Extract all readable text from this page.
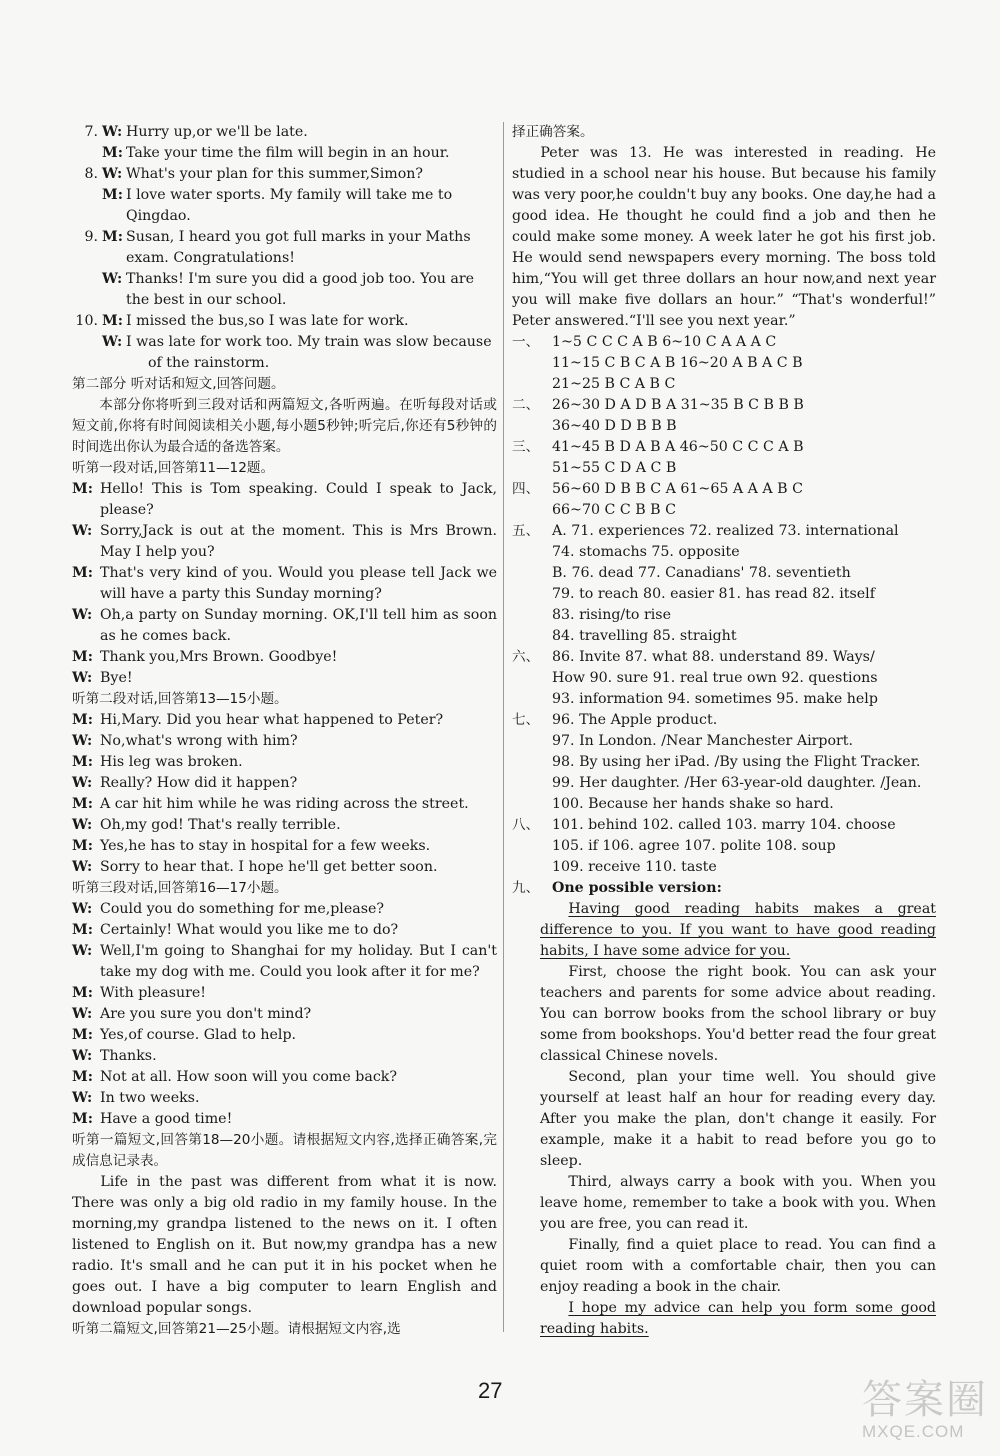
7. W: Hurry up,or we'll be late.
M: Take your time the film will begin in an hour.
8. W: What's your plan for this summer,Simon?
M: I love water sports. My family will take me to
Qingdao.
9. M: Susan, I heard you got full marks in your Maths
exam. Congratulations!
W: Thanks! I'm sure you did a good job too. You are
the best in our school.
10. M: I missed the bus,so I was late for work.
W: I was late for work too. My train was slow because
of the rainstorm.
第二部分 听对话和短文,回答问题。
本部分你将听到三段对话和两篇短文,各听两遍。在听每段对话或短文前,你将有时间阅读相关小题,每小题5秒钟;听完后,你还有5秒钟的时间选出你认为最合适的备选答案。
听第一段对话,回答第11—12题。
M: Hello! This is Tom speaking. Could I speak to Jack, please?
W: Sorry,Jack is out at the moment. This is Mrs Brown. May I help you?
M: That's very kind of you. Would you please tell Jack we will have a party this Sunday morning?
W: Oh,a party on Sunday morning. OK,I'll tell him as soon as he comes back.
M: Thank you,Mrs Brown. Goodbye!
W: Bye!
听第二段对话,回答第13—15小题。
M: Hi,Mary. Did you hear what happened to Peter?
W: No,what's wrong with him?
M: His leg was broken.
W: Really? How did it happen?
M: A car hit him while he was riding across the street.
W: Oh,my god! That's really terrible.
M: Yes,he has to stay in hospital for a few weeks.
W: Sorry to hear that. I hope he'll get better soon.
听第三段对话,回答第16—17小题。
W: Could you do something for me,please?
M: Certainly! What would you like me to do?
W: Well,I'm going to Shanghai for my holiday. But I can't take my dog with me. Could you look after it for me?
M: With pleasure!
W: Are you sure you don't mind?
M: Yes,of course. Glad to help.
W: Thanks.
M: Not at all. How soon will you come back?
W: In two weeks.
M: Have a good time!
听第一篇短文,回答第18—20小题。请根据短文内容,选择正确答案,完成信息记录表。
Life in the past was different from what it is now. There was only a big old radio in my family house. In the morning,my grandpa listened to the news on it. I often listened to English on it. But now,my grandpa has a new radio. It's small and he can put it in his pocket when he goes out. I have a big computer to learn English and download popular songs.
听第二篇短文,回答第21—25小题。请根据短文内容,选
择正确答案。
Peter was 13. He was interested in reading. He studied in a school near his house. But because his family was very poor,he couldn't buy any books. One day,he had a good idea. He thought he could find a job and then he could make some money. A week later he got his first job. He would send newspapers every morning. The boss told him,“You will get three dollars an hour now,and next year you will make five dollars an hour.” “That's wonderful!” Peter answered.“I'll see you next year.”
一、 1~5 C C C A B 6~10 C A A A C
11~15 C B C A B 16~20 A B A C B
21~25 B C A B C
二、 26~30 D A D B A 31~35 B C B B B
36~40 D D B B B
三、 41~45 B D A B A 46~50 C C C A B
51~55 C D A C B
四、 56~60 D B B C A 61~65 A A A B C
66~70 C C B B C
五、 A. 71. experiences 72. realized 73. international
74. stomachs 75. opposite
B. 76. dead 77. Canadians' 78. seventieth
79. to reach 80. easier 81. has read 82. itself
83. rising/to rise
84. travelling 85. straight
六、 86. Invite 87. what 88. understand 89. Ways/
How 90. sure 91. real true own 92. questions
93. information 94. sometimes 95. make help
七、 96. The Apple product.
97. In London. /Near Manchester Airport.
98. By using her iPad. /By using the Flight Tracker.
99. Her daughter. /Her 63-year-old daughter. /Jean.
100. Because her hands shake so hard.
八、 101. behind 102. called 103. marry 104. choose
105. if 106. agree 107. polite 108. soup
109. receive 110. taste
九、 One possible version:
Having good reading habits makes a great difference to you. If you want to have good reading habits, I have some advice for you.
First, choose the right book. You can ask your teachers and parents for some advice about reading. You can borrow books from the school library or buy some from bookshops. You'd better read the four great classical Chinese novels.
Second, plan your time well. You should give yourself at least half an hour for reading every day. After you make the plan, don't change it easily. For example, make it a habit to read before you go to sleep.
Third, always carry a book with you. When you leave home, remember to take a book with you. When you are free, you can read it.
Finally, find a quiet place to read. You can find a quiet room with a comfortable chair, then you can enjoy reading a book in the chair.
I hope my advice can help you form some good reading habits.
27	答案圈
MXQE.COM
